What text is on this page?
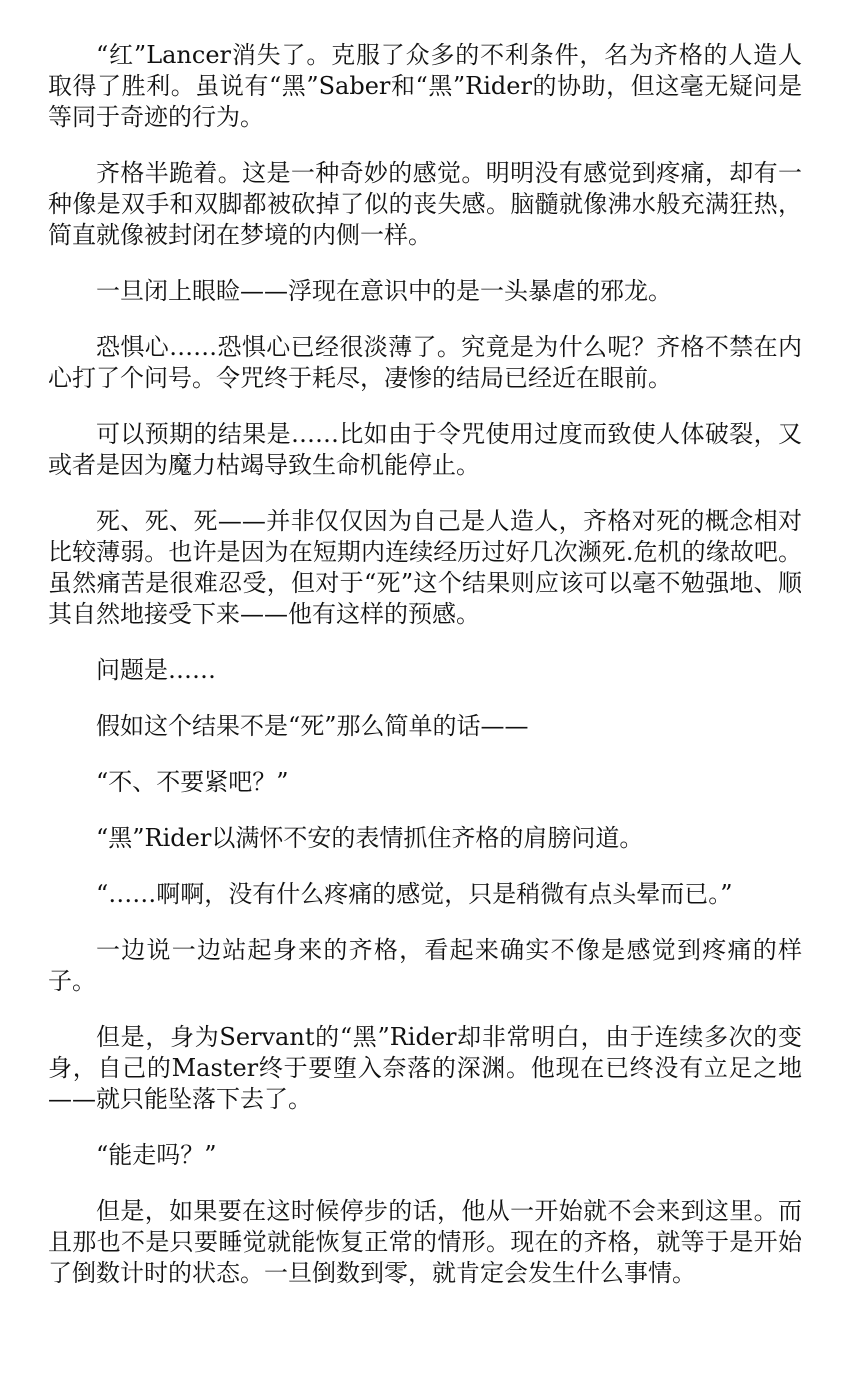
“红”Lancer消失了。克服了众多的不利条件，名为齐格的人造人取得了胜利。虽说有“黑”Saber和“黑”Rider的协助，但这毫无疑问是等同于奇迹的行为。

齐格半跪着。这是一种奇妙的感觉。明明没有感觉到疼痛，却有一种像是双手和双脚都被砍掉了似的丧失感。脑髓就像沸水般充满狂热，简直就像被封闭在梦境的内侧一样。

一旦闭上眼睑——浮现在意识中的是一头暴虐的邪龙。

恐惧心……恐惧心已经很淡薄了。究竟是为什么呢？齐格不禁在内心打了个问号。令咒终于耗尽，凄惨的结局已经近在眼前。

可以预期的结果是……比如由于令咒使用过度而致使人体破裂，又或者是因为魔力枯竭导致生命机能停止。

死、死、死——并非仅仅因为自己是人造人，齐格对死的概念相对比较薄弱。也许是因为在短期内连续经历过好几次濒死.危机的缘故吧。虽然痛苦是很难忍受，但对于“死”这个结果则应该可以毫不勉强地、顺其自然地接受下来——他有这样的预感。

问题是……

假如这个结果不是“死”那么简单的话——

“不、不要紧吧？”

“黑”Rider以满怀不安的表情抓住齐格的肩膀问道。

“……啊啊，没有什么疼痛的感觉，只是稍微有点头晕而已。”

一边说一边站起身来的齐格，看起来确实不像是感觉到疼痛的样子。

但是，身为Servant的“黑”Rider却非常明白，由于连续多次的变身，自己的Master终于要堕入奈落的深渊。他现在已终没有立足之地——就只能坠落下去了。

“能走吗？”

但是，如果要在这时候停步的话，他从一开始就不会来到这里。而且那也不是只要睡觉就能恢复正常的情形。现在的齐格，就等于是开始了倒数计时的状态。一旦倒数到零，就肯定会发生什么事情。
